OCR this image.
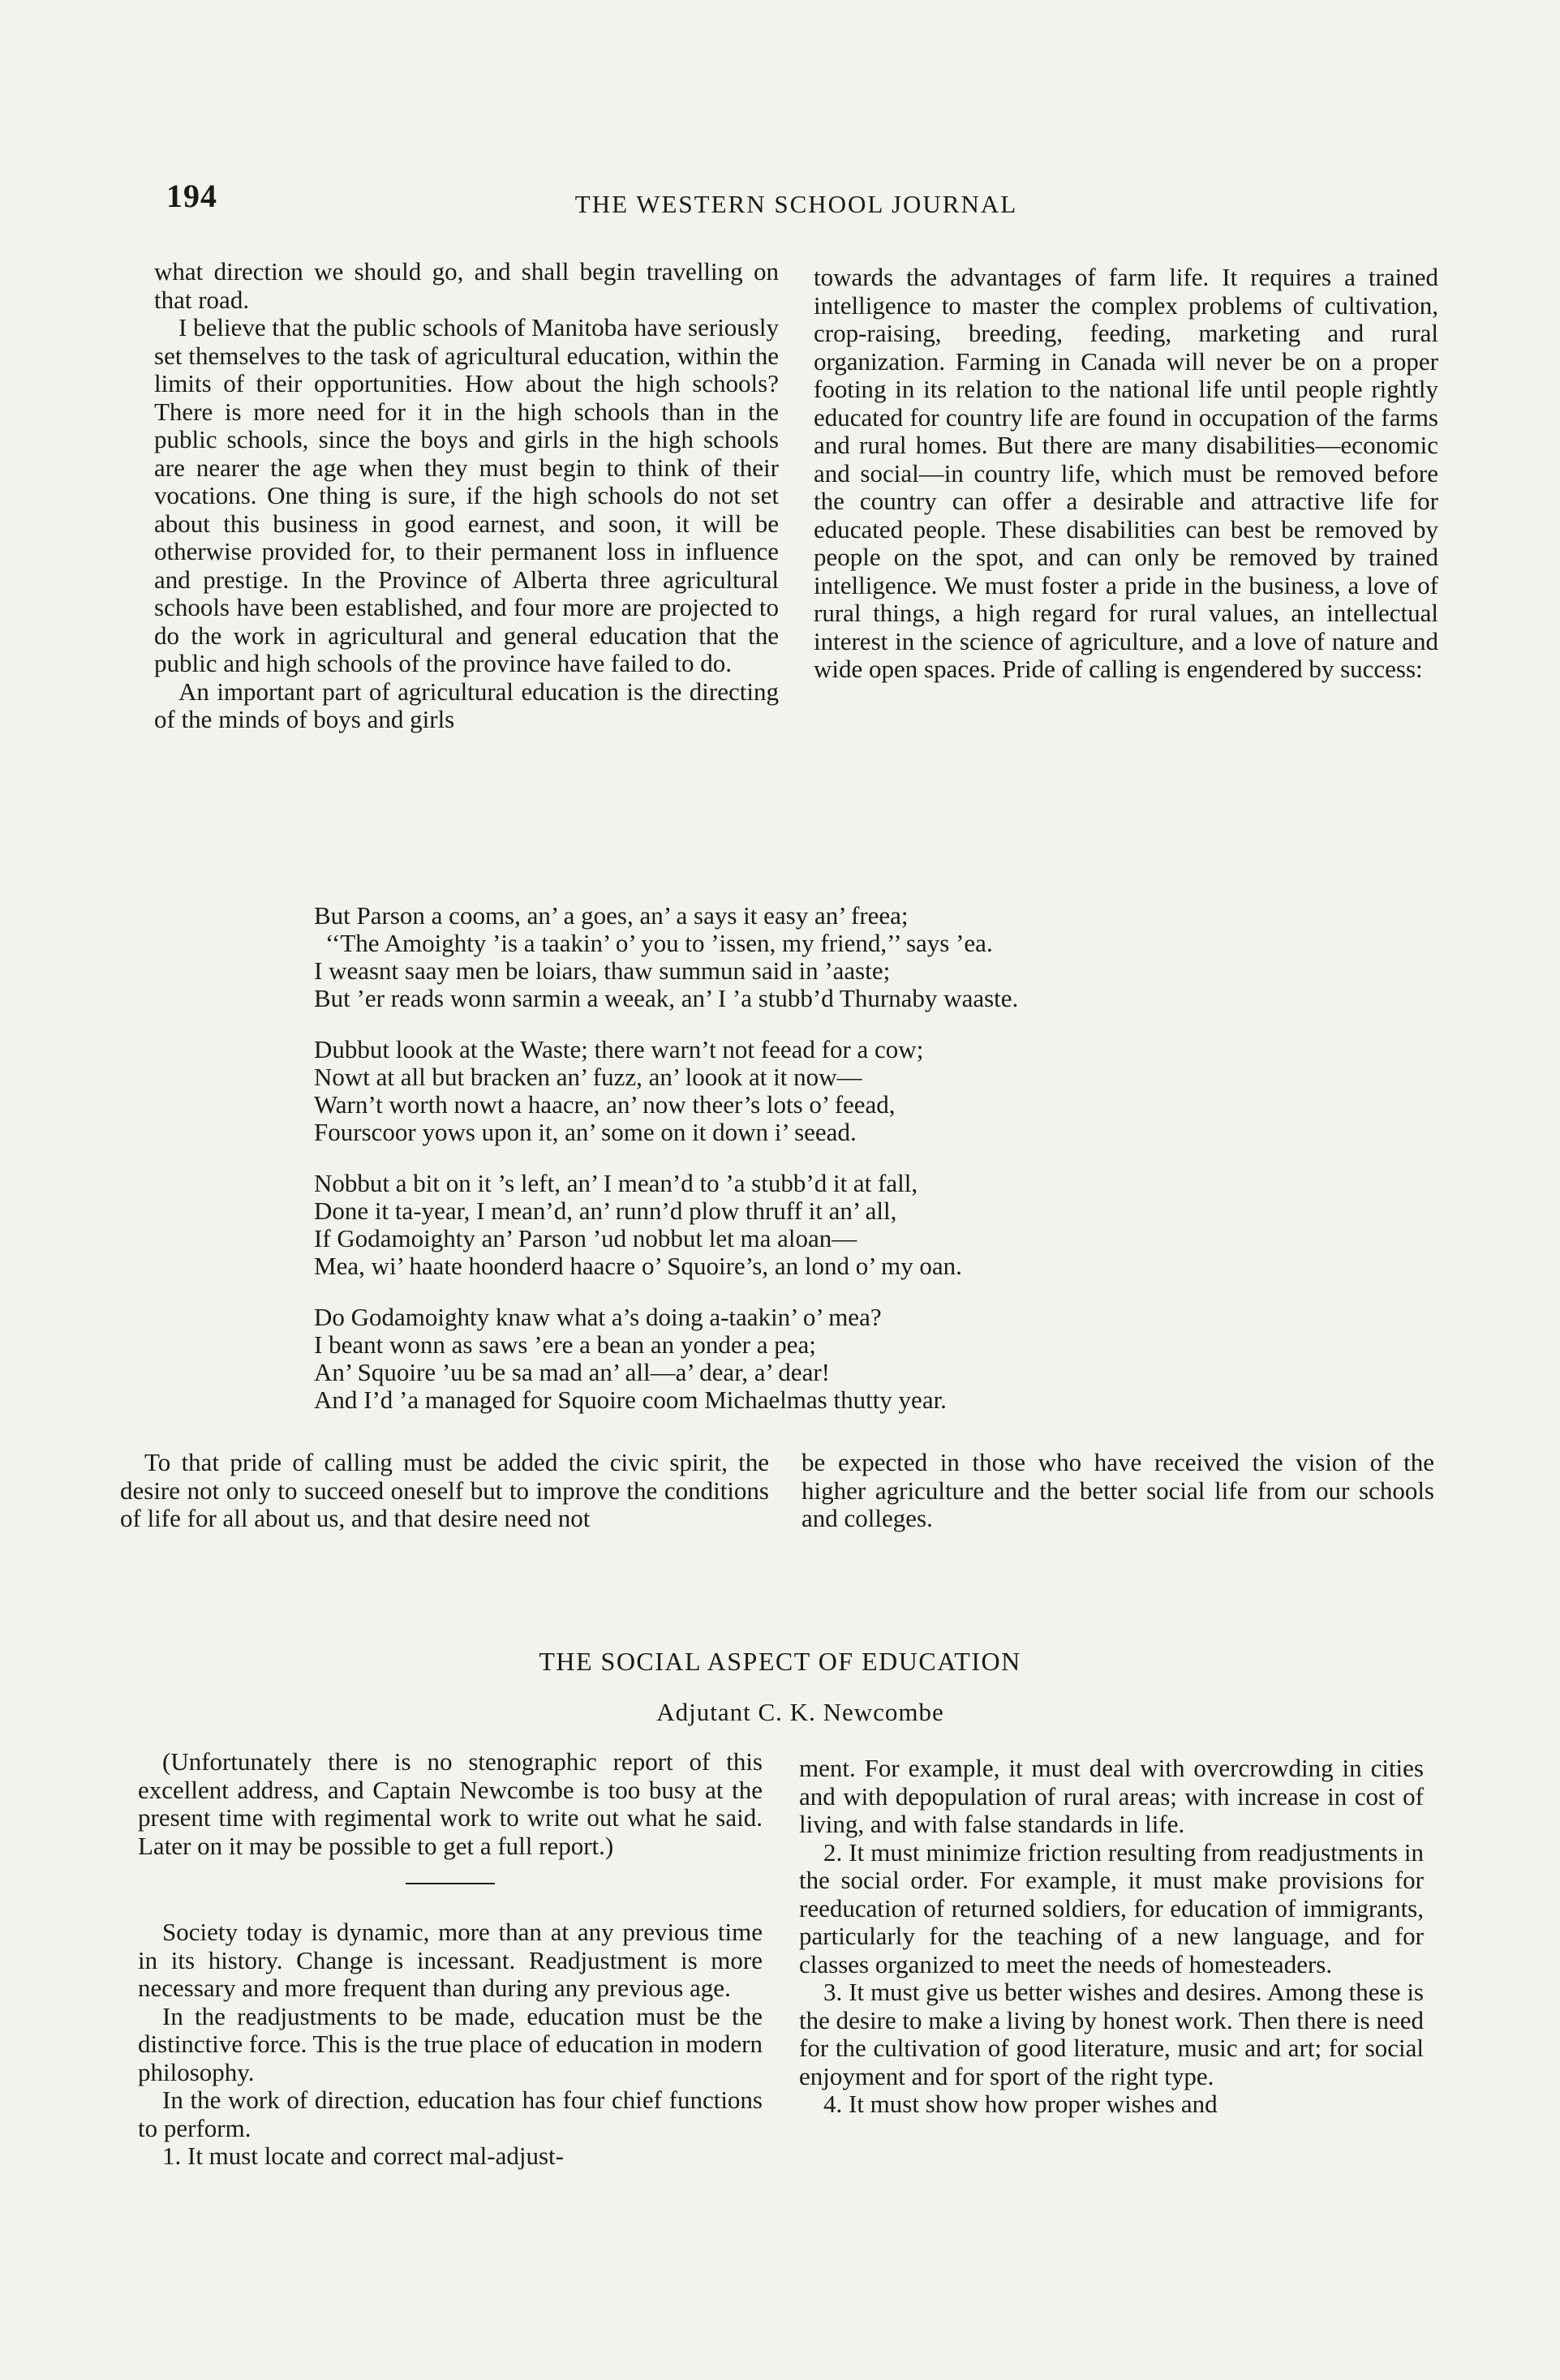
194	THE WESTERN SCHOOL JOURNAL

what direction we should go, and shall begin travelling on that road.

I believe that the public schools of Manitoba have seriously set themselves to the task of agricultural education, within the limits of their opportunities. How about the high schools? There is more need for it in the high schools than in the public schools, since the boys and girls in the high schools are nearer the age when they must begin to think of their vocations. One thing is sure, if the high schools do not set about this business in good earnest, and soon, it will be otherwise provided for, to their permanent loss in influence and prestige. In the Province of Alberta three agricultural schools have been established, and four more are projected to do the work in agricultural and general education that the public and high schools of the province have failed to do.

An important part of agricultural education is the directing of the minds of boys and girls

towards the advantages of farm life. It requires a trained intelligence to master the complex problems of cultivation, crop-raising, breeding, feeding, marketing and rural organization. Farming in Canada will never be on a proper footing in its relation to the national life until people rightly educated for country life are found in occupation of the farms and rural homes. But there are many disabilities—economic and social—in country life, which must be removed before the country can offer a desirable and attractive life for educated people. These disabilities can best be removed by people on the spot, and can only be removed by trained intelligence. We must foster a pride in the business, a love of rural things, a high regard for rural values, an intellectual interest in the science of agriculture, and a love of nature and wide open spaces. Pride of calling is engendered by success:

But Parson a cooms, an’ a goes, an’ a says it easy an’ freea;
‘‘The Amoighty ’is a taakin’ o’ you to ’issen, my friend,’’ says ’ea.
I weasnt saay men be loiars, thaw summun said in ’aaste;
But ’er reads wonn sarmin a weeak, an’ I ’a stubb’d Thurnaby waaste.
Dubbut loook at the Waste; there warn’t not feead for a cow;
Nowt at all but bracken an’ fuzz, an’ loook at it now—
Warn’t worth nowt a haacre, an’ now theer’s lots o’ feead,
Fourscoor yows upon it, an’ some on it down i’ seead.
Nobbut a bit on it ’s left, an’ I mean’d to ’a stubb’d it at fall,
Done it ta-year, I mean’d, an’ runn’d plow thruff it an’ all,
If Godamoighty an’ Parson ’ud nobbut let ma aloan—
Mea, wi’ haate hoonderd haacre o’ Squoire’s, an lond o’ my oan.
Do Godamoighty knaw what a’s doing a-taakin’ o’ mea?
I beant wonn as saws ’ere a bean an yonder a pea;
An’ Squoire ’uu be sa mad an’ all—a’ dear, a’ dear!
And I’d ’a managed for Squoire coom Michaelmas thutty year.

To that pride of calling must be added the civic spirit, the desire not only to succeed oneself but to improve the conditions of life for all about us, and that desire need not

be expected in those who have received the vision of the higher agriculture and the better social life from our schools and colleges.

THE SOCIAL ASPECT OF EDUCATION
Adjutant C. K. Newcombe

(Unfortunately there is no stenographic report of this excellent address, and Captain Newcombe is too busy at the present time with regimental work to write out what he said. Later on it may be possible to get a full report.)

Society today is dynamic, more than at any previous time in its history. Change is incessant. Readjustment is more necessary and more frequent than during any previous age.

In the readjustments to be made, education must be the distinctive force. This is the true place of education in modern philosophy.

In the work of direction, education has four chief functions to perform.

1. It must locate and correct mal-adjust-

ment. For example, it must deal with overcrowding in cities and with depopulation of rural areas; with increase in cost of living, and with false standards in life.

2. It must minimize friction resulting from readjustments in the social order. For example, it must make provisions for reeducation of returned soldiers, for education of immigrants, particularly for the teaching of a new language, and for classes organized to meet the needs of homesteaders.

3. It must give us better wishes and desires. Among these is the desire to make a living by honest work. Then there is need for the cultivation of good literature, music and art; for social enjoyment and for sport of the right type.

4. It must show how proper wishes and
